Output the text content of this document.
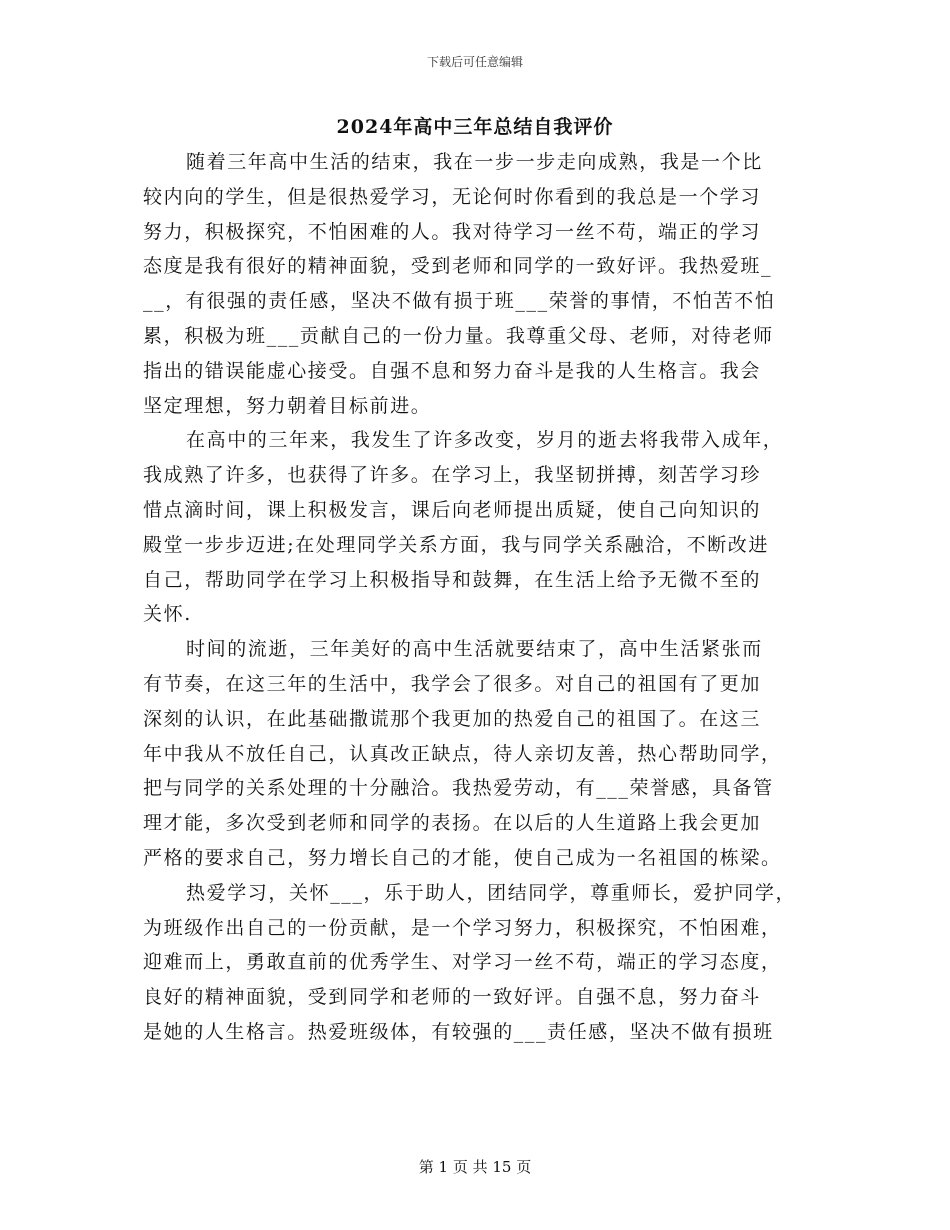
下载后可任意编辑
2024年高中三年总结自我评价
随着三年高中生活的结束，我在一步一步走向成熟，我是一个比
较内向的学生，但是很热爱学习，无论何时你看到的我总是一个学习
努力，积极探究，不怕困难的人。我对待学习一丝不苟，端正的学习
态度是我有很好的精神面貌，受到老师和同学的一致好评。我热爱班_
__，有很强的责任感，坚决不做有损于班___荣誉的事情，不怕苦不怕
累，积极为班___贡献自己的一份力量。我尊重父母、老师，对待老师
指出的错误能虚心接受。自强不息和努力奋斗是我的人生格言。我会
坚定理想，努力朝着目标前进。
在高中的三年来，我发生了许多改变，岁月的逝去将我带入成年，
我成熟了许多，也获得了许多。在学习上，我坚韧拼搏，刻苦学习珍
惜点滴时间，课上积极发言，课后向老师提出质疑，使自己向知识的
殿堂一步步迈进;在处理同学关系方面，我与同学关系融洽，不断改进
自己，帮助同学在学习上积极指导和鼓舞，在生活上给予无微不至的
关怀.
时间的流逝，三年美好的高中生活就要结束了，高中生活紧张而
有节奏，在这三年的生活中，我学会了很多。对自己的祖国有了更加
深刻的认识，在此基础撒谎那个我更加的热爱自己的祖国了。在这三
年中我从不放任自己，认真改正缺点，待人亲切友善，热心帮助同学，
把与同学的关系处理的十分融洽。我热爱劳动，有___荣誉感，具备管
理才能，多次受到老师和同学的表扬。在以后的人生道路上我会更加
严格的要求自己，努力增长自己的才能，使自己成为一名祖国的栋梁。
热爱学习，关怀___，乐于助人，团结同学，尊重师长，爱护同学，
为班级作出自己的一份贡献，是一个学习努力，积极探究，不怕困难，
迎难而上，勇敢直前的优秀学生、对学习一丝不苟，端正的学习态度，
良好的精神面貌，受到同学和老师的一致好评。自强不息，努力奋斗
是她的人生格言。热爱班级体，有较强的___责任感，坚决不做有损班
第 1 页 共 15 页
